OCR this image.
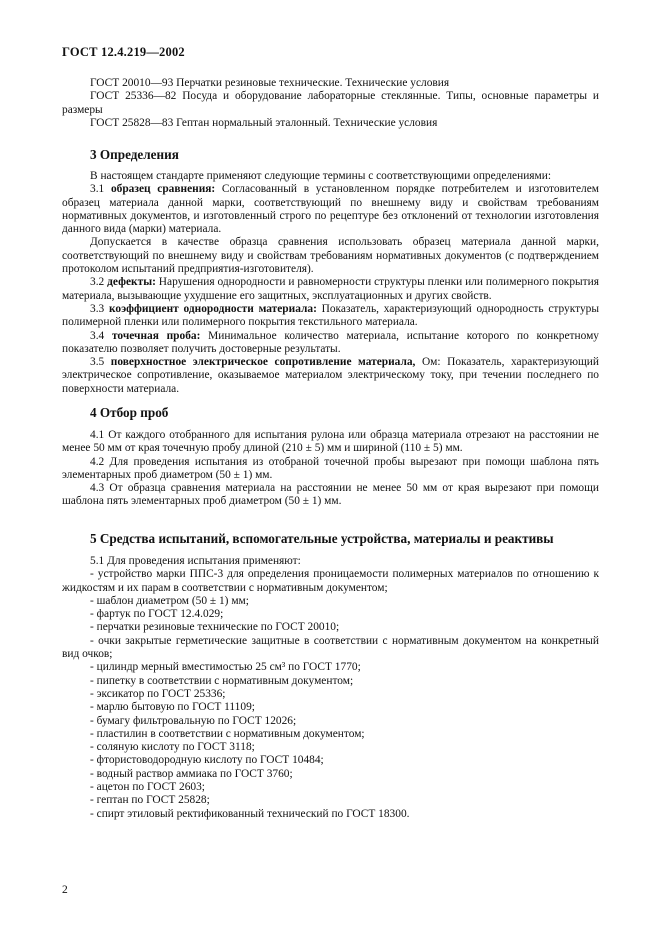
ГОСТ 12.4.219—2002

ГОСТ 20010—93 Перчатки резиновые технические. Технические условия

ГОСТ 25336—82 Посуда и оборудование лабораторные стеклянные. Типы, основные параметры и размеры

ГОСТ 25828—83 Гептан нормальный эталонный. Технические условия

3 Определения

В настоящем стандарте применяют следующие термины с соответствующими определениями:

3.1 образец сравнения: Согласованный в установленном порядке потребителем и изготовителем образец материала данной марки, соответствующий по внешнему виду и свойствам требованиям нормативных документов, и изготовленный строго по рецептуре без отклонений от технологии изготовления данного вида (марки) материала.

Допускается в качестве образца сравнения использовать образец материала данной марки, соответствующий по внешнему виду и свойствам требованиям нормативных документов (с подтверждением протоколом испытаний предприятия-изготовителя).

3.2 дефекты: Нарушения однородности и равномерности структуры пленки или полимерного покрытия материала, вызывающие ухудшение его защитных, эксплуатационных и других свойств.

3.3 коэффициент однородности материала: Показатель, характеризующий однородность структуры полимерной пленки или полимерного покрытия текстильного материала.

3.4 точечная проба: Минимальное количество материала, испытание которого по конкретному показателю позволяет получить достоверные результаты.

3.5 поверхностное электрическое сопротивление материала, Ом: Показатель, характеризующий электрическое сопротивление, оказываемое материалом электрическому току, при течении последнего по поверхности материала.

4 Отбор проб

4.1 От каждого отобранного для испытания рулона или образца материала отрезают на расстоянии не менее 50 мм от края точечную пробу длиной (210 ± 5) мм и шириной (110 ± 5) мм.

4.2 Для проведения испытания из отобраной точечной пробы вырезают при помощи шаблона пять элементарных проб диаметром (50 ± 1) мм.

4.3 От образца сравнения материала на расстоянии не менее 50 мм от края вырезают при помощи шаблона пять элементарных проб диаметром (50 ± 1) мм.

5 Средства испытаний, вспомогательные устройства, материалы и реактивы

5.1 Для проведения испытания применяют:

- устройство марки ППС-3 для определения проницаемости полимерных материалов по отношению к жидкостям и их парам в соответствии с нормативным документом;
- шаблон диаметром (50 ± 1) мм;
- фартук по ГОСТ 12.4.029;
- перчатки резиновые технические по ГОСТ 20010;
- очки закрытые герметические защитные в соответствии с нормативным документом на конкретный вид очков;
- цилиндр мерный вместимостью 25 см³ по ГОСТ 1770;
- пипетку в соответствии с нормативным документом;
- эксикатор по ГОСТ 25336;
- марлю бытовую по ГОСТ 11109;
- бумагу фильтровальную по ГОСТ 12026;
- пластилин в соответствии с нормативным документом;
- соляную кислоту по ГОСТ 3118;
- фтористоводородную кислоту по ГОСТ 10484;
- водный раствор аммиака по ГОСТ 3760;
- ацетон по ГОСТ 2603;
- гептан по ГОСТ 25828;
- спирт этиловый ректификованный технический по ГОСТ 18300.
2
